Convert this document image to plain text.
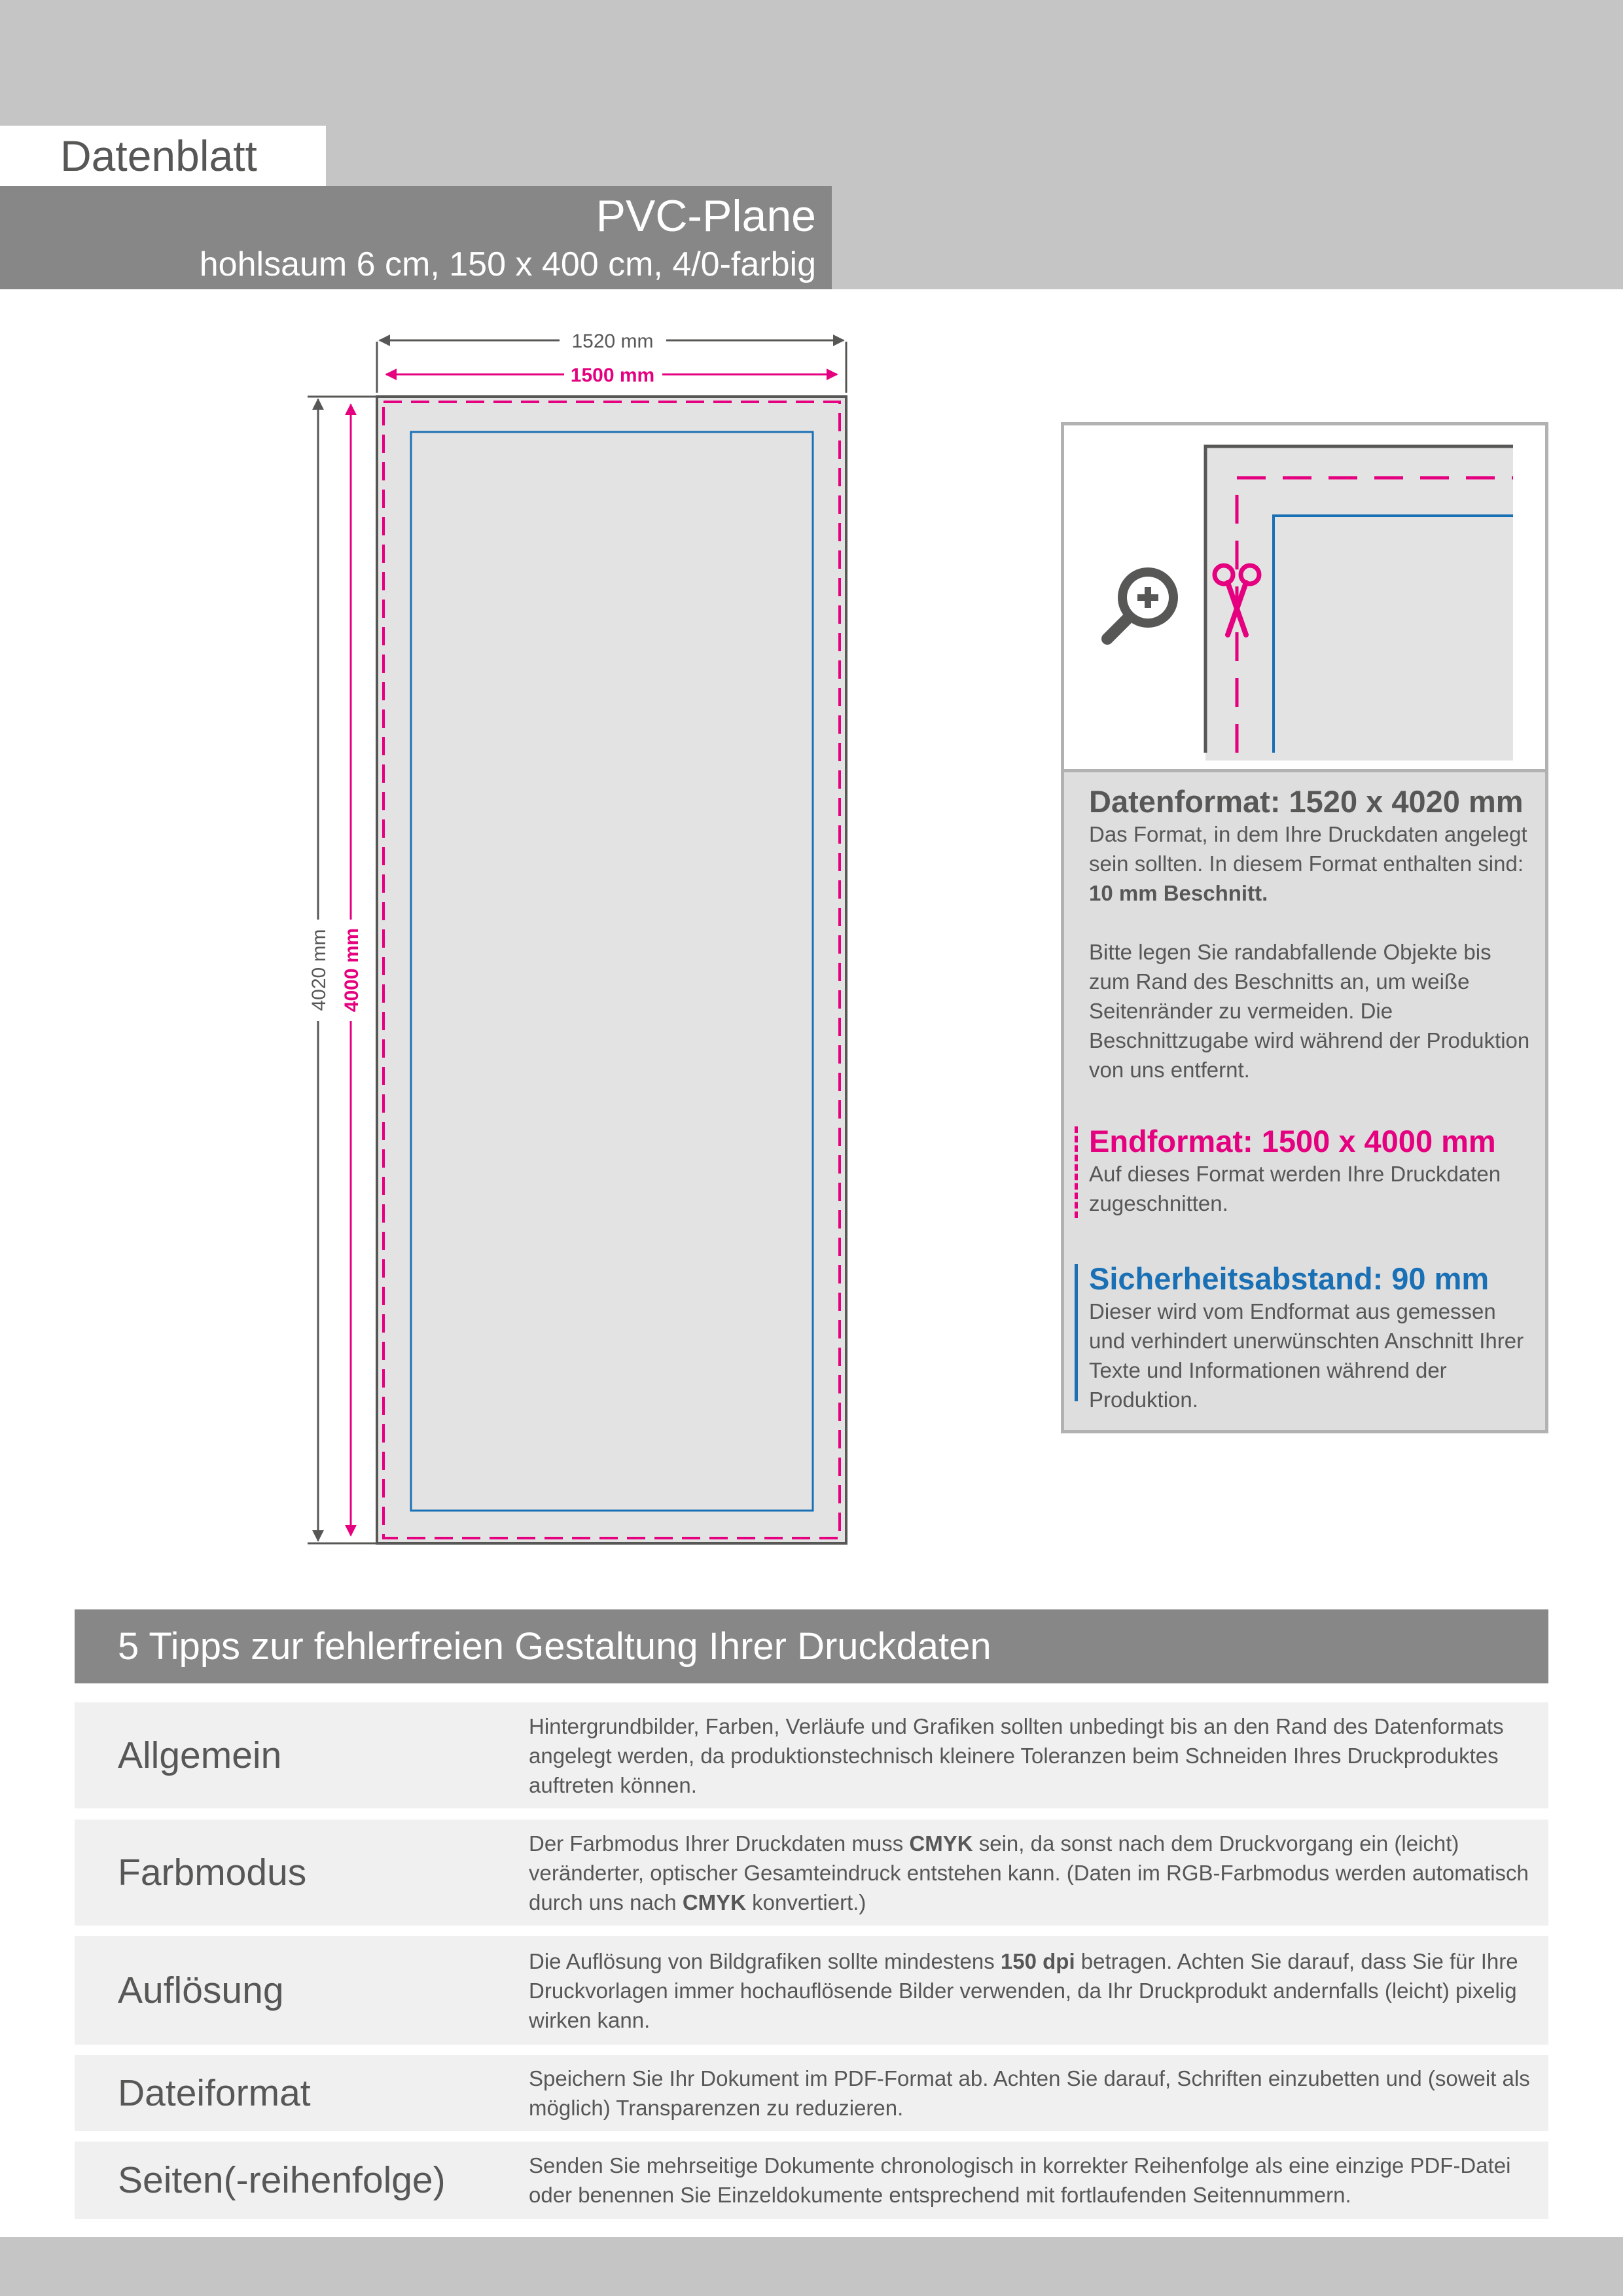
Datenblatt
PVC-Plane
hohlsaum 6 cm, 150 x 400 cm, 4/0-farbig
1520 mm
1500 mm
4020 mm 4000 mm
Datenformat: 1520 x 4020 mm

Das Format, in dem Ihre Druckdaten angelegt sein sollten. In diesem Format enthalten sind: 10 mm Beschnitt.

Bitte legen Sie randabfallende Objekte bis zum Rand des Beschnitts an, um weiße Seitenränder zu vermeiden. Die Beschnittzugabe wird während der Produktion von uns entfernt.

Endformat: 1500 x 4000 mm

Auf dieses Format werden Ihre Druckdaten zugeschnitten.

Sicherheitsabstand: 90 mm

Dieser wird vom Endformat aus gemessen und verhindert unerwünschten Anschnitt Ihrer Texte und Informationen während der Produktion.

5 Tipps zur fehlerfreien Gestaltung Ihrer Druckdaten
Allgemein
Hintergrundbilder, Farben, Verläufe und Grafiken sollten unbedingt bis an den Rand des Datenformats angelegt werden, da produktionstechnisch kleinere Toleranzen beim Schneiden Ihres Druckproduktes auftreten können.
Farbmodus
Der Farbmodus Ihrer Druckdaten muss CMYK sein, da sonst nach dem Druckvorgang ein (leicht) veränderter, optischer Gesamteindruck entstehen kann. (Daten im RGB-Farbmodus werden automatisch durch uns nach CMYK konvertiert.)
Auflösung
Die Auflösung von Bildgrafiken sollte mindestens 150 dpi betragen. Achten Sie darauf, dass Sie für Ihre Druckvorlagen immer hochauflösende Bilder verwenden, da Ihr Druckprodukt andernfalls (leicht) pixelig wirken kann.
Dateiformat	Speichern Sie Ihr Dokument im PDF-Format ab. Achten Sie darauf, Schriften einzubetten und (soweit als möglich) Transparenzen zu reduzieren.
Seiten(-reihenfolge)	Senden Sie mehrseitige Dokumente chronologisch in korrekter Reihenfolge als eine einzige PDF-Datei oder benennen Sie Einzeldokumente entsprechend mit fortlaufenden Seitennummern.
